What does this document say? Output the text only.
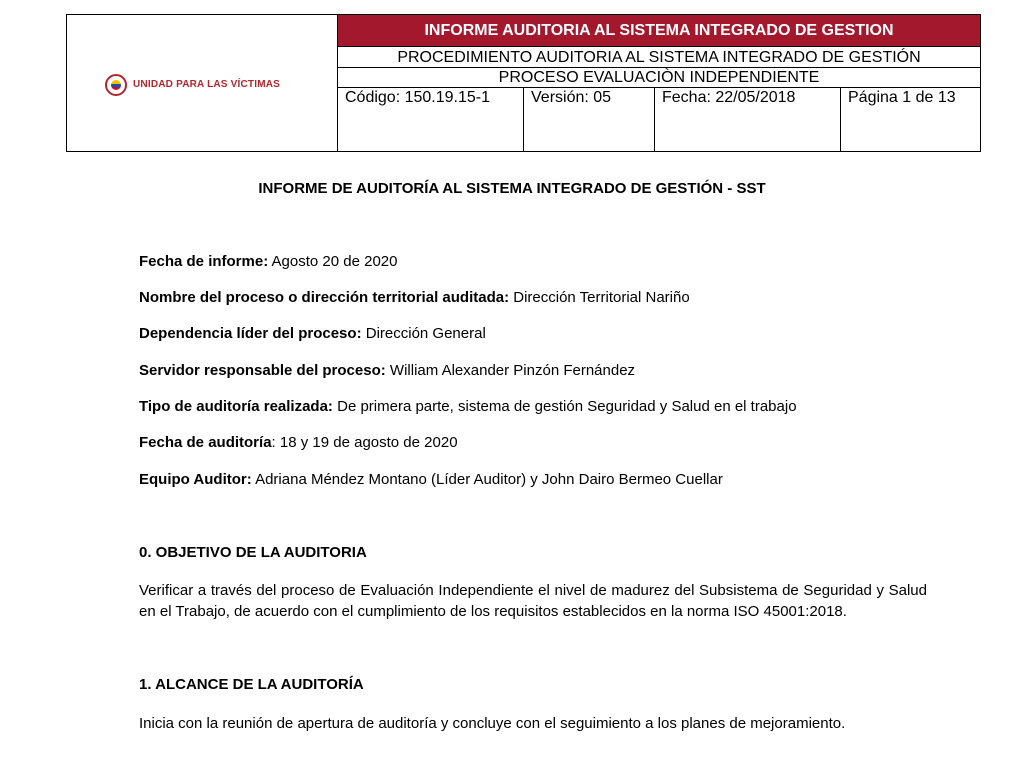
UNIDAD PARA LAS VÍCTIMAS	INFORME AUDITORIA AL SISTEMA INTEGRADO DE GESTION			

	PROCEDIMIENTO AUDITORIA AL SISTEMA INTEGRADO DE GESTIÓN
PROCESO EVALUACIÒN INDEPENDIENTE			

	Código: 150.19.15-1	Versión: 05	Fecha: 22/05/2018	Página 1 de 13
INFORME DE AUDITORÍA AL SISTEMA INTEGRADO DE GESTIÓN - SST
Fecha de informe: Agosto 20 de 2020
Nombre del proceso o dirección territorial auditada: Dirección Territorial Nariño
Dependencia líder del proceso: Dirección General
Servidor responsable del proceso: William Alexander Pinzón Fernández
Tipo de auditoría realizada: De primera parte, sistema de gestión Seguridad y Salud en el trabajo
Fecha de auditoría: 18 y 19 de agosto de 2020
Equipo Auditor: Adriana Méndez Montano (Líder Auditor) y John Dairo Bermeo Cuellar
0. OBJETIVO DE LA AUDITORIA
Verificar a través del proceso de Evaluación Independiente el nivel de madurez del Subsistema de Seguridad y Salud en el Trabajo, de acuerdo con el cumplimiento de los requisitos establecidos en la norma ISO 45001:2018.
1. ALCANCE DE LA AUDITORÍA
Inicia con la reunión de apertura de auditoría y concluye con el seguimiento a los planes de mejoramiento.
